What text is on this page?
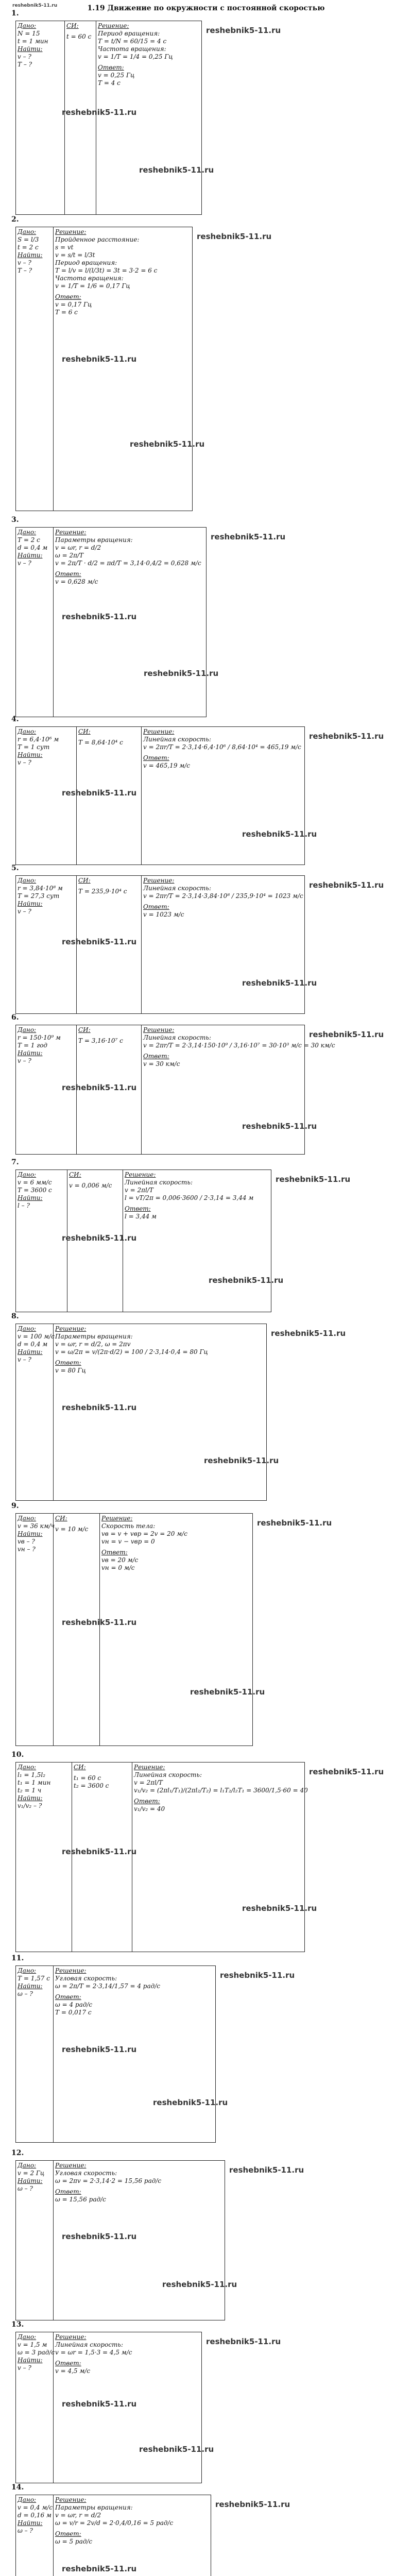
reshebnik5-11.ru	1.19 Движение по окружности с постоянной скоростью
1.
Дано:
N = 15
t = 1 мин
Найти:
v – ?
T – ?
СИ:
t = 60 с
Решение:
Период вращения:
T = t/N = 60/15 = 4 с
Частота вращения:
v = 1/T = 1/4 = 0,25 Гц
Ответ:
v = 0,25 Гц
T = 4 с
reshebnik5-11.ru
reshebnik5-11.ru
reshebnik5-11.ru
2.
Дано:
S = l/3
t = 2 с
Найти:
v – ?
T – ?
Решение:
Пройденное расстояние:
s = vt
v = s/t = l/3t
Период вращения:
T = l/v = l/(l/3t) = 3t = 3·2 = 6 с
Частота вращения:
v = 1/T = 1/6 = 0,17 Гц
Ответ:
v = 0,17 Гц
T = 6 с
reshebnik5-11.ru
reshebnik5-11.ru
reshebnik5-11.ru
3.
Дано:
T = 2 с
d = 0,4 м
Найти:
v – ?
Решение:
Параметры вращения:
v = ωr, r = d/2
ω = 2π/T
v = 2π/T · d/2 = πd/T = 3,14·0,4/2 = 0,628 м/с
Ответ:
v = 0,628 м/с
reshebnik5-11.ru
reshebnik5-11.ru
reshebnik5-11.ru
4.
Дано:
r = 6,4·10⁶ м
T = 1 сут
Найти:
v – ?
СИ:
T = 8,64·10⁴ с
Решение:
Линейная скорость:
v = 2πr/T = 2·3,14·6,4·10⁶ / 8,64·10⁴ = 465,19 м/с
Ответ:
v = 465,19 м/с
reshebnik5-11.ru
reshebnik5-11.ru
reshebnik5-11.ru
5.
Дано:
r = 3,84·10⁸ м
T = 27,3 сут
Найти:
v – ?
СИ:
T = 235,9·10⁴ с
Решение:
Линейная скорость:
v = 2πr/T = 2·3,14·3,84·10⁸ / 235,9·10⁴ = 1023 м/с
Ответ:
v = 1023 м/с
reshebnik5-11.ru
reshebnik5-11.ru
reshebnik5-11.ru
6.
Дано:
r = 150·10⁹ м
T = 1 год
Найти:
v – ?
СИ:
T = 3,16·10⁷ с
Решение:
Линейная скорость:
v = 2πr/T = 2·3,14·150·10⁹ / 3,16·10⁷ = 30·10³ м/с = 30 км/с
Ответ:
v = 30 км/с
reshebnik5-11.ru
reshebnik5-11.ru
reshebnik5-11.ru
7.
Дано:
v = 6 мм/с
T = 3600 с
Найти:
l – ?
СИ:
v = 0,006 м/с
Решение:
Линейная скорость:
v = 2πl/T
l = vT/2π = 0,006·3600 / 2·3,14 = 3,44 м
Ответ:
l = 3,44 м
reshebnik5-11.ru
reshebnik5-11.ru
reshebnik5-11.ru
8.
Дано:
v = 100 м/с
d = 0,4 м
Найти:
v – ?
Решение:
Параметры вращения:
v = ωr, r = d/2, ω = 2πv
v = ω/2π = v/(2π·d/2) = 100 / 2·3,14·0,4 = 80 Гц
Ответ:
v = 80 Гц
reshebnik5-11.ru
reshebnik5-11.ru
reshebnik5-11.ru
9.
Дано:
v = 36 км/ч
Найти:
vв – ?
vн – ?
СИ:
v = 10 м/с
Решение:
Скорость тела:
vв = v + vвр = 2v = 20 м/с
vн = v − vвр = 0
Ответ:
vв = 20 м/с
vн = 0 м/с
reshebnik5-11.ru
reshebnik5-11.ru
reshebnik5-11.ru
10.
Дано:
l₁ = 1,5l₂
t₁ = 1 мин
t₂ = 1 ч
Найти:
v₁/v₂ – ?
СИ:
t₁ = 60 с
t₂ = 3600 с
Решение:
Линейная скорость:
v = 2πl/T
v₁/v₂ = (2πl₁/T₁)/(2πl₂/T₂) = l₁T₂/l₂T₁ = 3600/1,5·60 = 40
Ответ:
v₁/v₂ = 40
reshebnik5-11.ru
reshebnik5-11.ru
reshebnik5-11.ru
11.
Дано:
T = 1,57 с
Найти:
ω – ?
Решение:
Угловая скорость:
ω = 2π/T = 2·3,14/1,57 = 4 рад/с
Ответ:
ω = 4 рад/с
T = 0,017 с
reshebnik5-11.ru
reshebnik5-11.ru
reshebnik5-11.ru
12.
Дано:
v = 2 Гц
Найти:
ω – ?
Решение:
Угловая скорость:
ω = 2πv = 2·3,14·2 = 15,56 рад/с
Ответ:
ω = 15,56 рад/с
reshebnik5-11.ru
reshebnik5-11.ru
reshebnik5-11.ru
13.
Дано:
v = 1,5 м
ω = 3 рад/с
Найти:
v – ?
Решение:
Линейная скорость:
v = ωr = 1,5·3 = 4,5 м/с
Ответ:
v = 4,5 м/с
reshebnik5-11.ru
reshebnik5-11.ru
reshebnik5-11.ru
14.
Дано:
v = 0,4 м/с
d = 0,16 м
Найти:
ω – ?
Решение:
Параметры вращения:
v = ωr, r = d/2
ω = v/r = 2v/d = 2·0,4/0,16 = 5 рад/с
Ответ:
ω = 5 рад/с
reshebnik5-11.ru
reshebnik5-11.ru
